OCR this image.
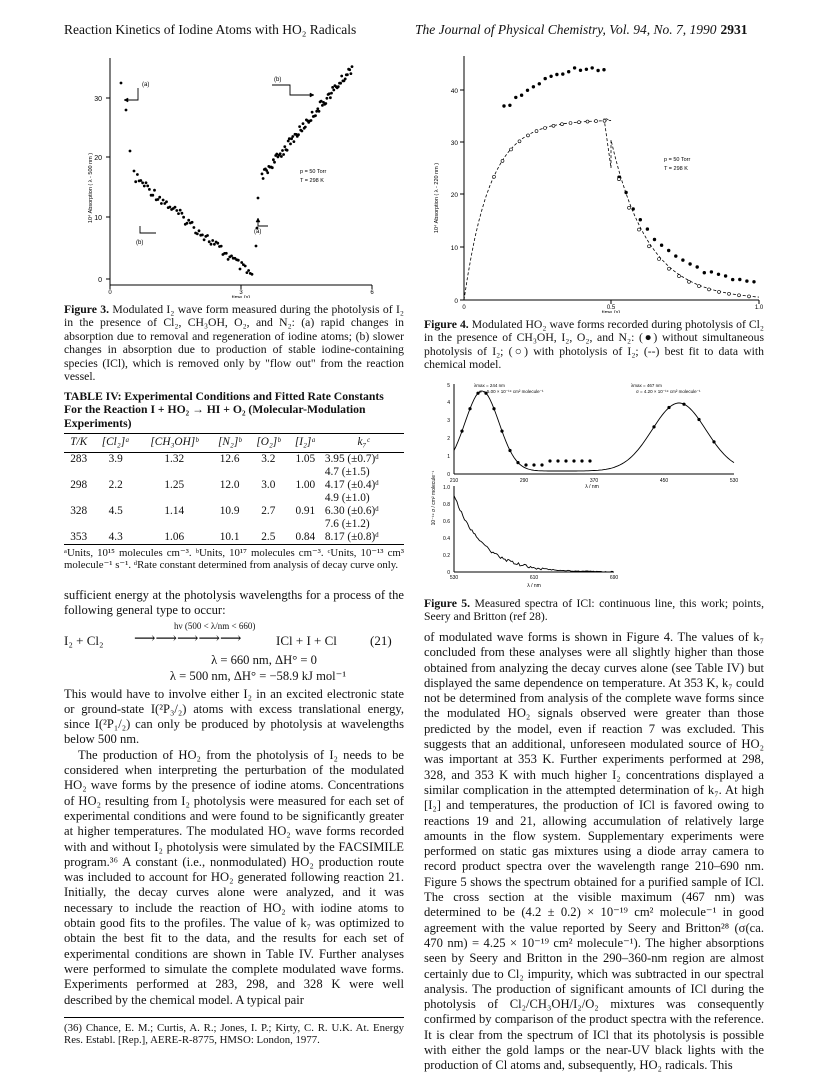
Reaction Kinetics of Iodine Atoms with HO₂ Radicals	The Journal of Physical Chemistry, Vol. 94, No. 7, 1990 2931
0
10
20
30
0	3	6
time (s)
10⁴ Absorption ( λ - 500 nm )
(a)
(b)
(b)
(a)
p = 50 Torr
T = 298 K
Figure 3. Modulated I₂ wave form measured during the photolysis of I₂ in the presence of Cl₂, CH₃OH, O₂, and N₂: (a) rapid changes in absorption due to removal and regeneration of iodine atoms; (b) slower changes in absorption due to production of stable iodine-containing species (ICl), which is removed only by "flow out" from the reaction vessel.
TABLE IV: Experimental Conditions and Fitted Rate Constants For the Reaction I + HO₂ → HI + O₂ (Molecular-Modulation Experiments)
T/K	[Cl₂]ᵃ	[CH₃OH]ᵇ	[N₂]ᵇ	[O₂]ᵇ	[I₂]ᵃ	k₇ᶜ
283	3.9	1.32	12.6	3.2	1.05	3.95 (±0.7)ᵈ
						4.7 (±1.5)
298	2.2	1.25	12.0	3.0	1.00	4.17 (±0.4)ᵈ
						4.9 (±1.0)
328	4.5	1.14	10.9	2.7	0.91	6.30 (±0.6)ᵈ
						7.6 (±1.2)
353	4.3	1.06	10.1	2.5	0.84	8.17 (±0.8)ᵈ
ᵃUnits, 10¹⁵ molecules cm⁻³. ᵇUnits, 10¹⁷ molecules cm⁻³. ᶜUnits, 10⁻¹³ cm³ molecule⁻¹ s⁻¹. ᵈRate constant determined from analysis of decay curve only.

sufficient energy at the photolysis wavelengths for a process of the following general type to occur:

hν (500 < λ/nm < 660)
I₂ + Cl₂ ⟶⟶⟶⟶⟶	ICl + I + Cl	(21)
λ = 660 nm, ΔH° = 0
λ = 500 nm, ΔH° = −58.9 kJ mol⁻¹

This would have to involve either I₂ in an excited electronic state or ground-state I(²P₃/₂) atoms with excess translational energy, since I(²P₁/₂) can only be produced by photolysis at wavelengths below 500 nm.

The production of HO₂ from the photolysis of I₂ needs to be considered when interpreting the perturbation of the modulated HO₂ wave forms by the presence of iodine atoms. Concentrations of HO₂ resulting from I₂ photolysis were measured for each set of experimental conditions and were found to be significantly greater at higher temperatures. The modulated HO₂ wave forms recorded with and without I₂ photolysis were simulated by the FACSIMILE program.³⁶ A constant (i.e., nonmodulated) HO₂ production route was included to account for HO₂ generated following reaction 21. Initially, the decay curves alone were analyzed, and it was necessary to include the reaction of HO₂ with iodine atoms to obtain good fits to the profiles. The value of k₇ was optimized to obtain the best fit to the data, and the results for each set of experimental conditions are shown in Table IV. Further analyses were performed to simulate the complete modulated wave forms. Experiments performed at 283, 298, and 328 K were well described by the chemical model. A typical pair

(36) Chance, E. M.; Curtis, A. R.; Jones, I. P.; Kirty, C. R. U.K. At. Energy Res. Establ. [Rep.], AERE-R-8775, HMSO: London, 1977.
0
10
20
30
40
0	0.5	1.0
time (s)
10⁴ Absorption ( λ - 220 nm )
p = 50 Torr
T = 298 K
Figure 4. Modulated HO₂ wave forms recorded during photolysis of Cl₂ in the presence of CH₃OH, I₂, O₂, and N₂: (●) without simultaneous photolysis of I₂; (○) with photolysis of I₂; (--) best fit to data with chemical model.
λ / nm
210	290	370	450	530
0
1
2
3
4
5	λmax = 244 nm
σ = 5.00 × 10⁻¹⁹ cm² molecule⁻¹
λmax = 467 nm
σ = 4.20 × 10⁻¹⁹ cm² molecule⁻¹
530	610	690
λ / nm
0
0.2
0.4
0.6
0.8
1.0
10⁻¹⁹ σ / cm² molecule⁻¹
Figure 5. Measured spectra of ICl: continuous line, this work; points, Seery and Britton (ref 28).

of modulated wave forms is shown in Figure 4. The values of k₇ concluded from these analyses were all slightly higher than those obtained from analyzing the decay curves alone (see Table IV) but displayed the same dependence on temperature. At 353 K, k₇ could not be determined from analysis of the complete wave forms since the modulated HO₂ signals observed were greater than those predicted by the model, even if reaction 7 was excluded. This suggests that an additional, unforeseen modulated source of HO₂ was important at 353 K. Further experiments performed at 298, 328, and 353 K with much higher I₂ concentrations displayed a similar complication in the attempted determination of k₇. At high [I₂] and temperatures, the production of ICl is favored owing to reactions 19 and 21, allowing accumulation of relatively large amounts in the flow system. Supplementary experiments were performed on static gas mixtures using a diode array camera to record product spectra over the wavelength range 210–690 nm. Figure 5 shows the spectrum obtained for a purified sample of ICl. The cross section at the visible maximum (467 nm) was determined to be (4.2 ± 0.2) × 10⁻¹⁹ cm² molecule⁻¹ in good agreement with the value reported by Seery and Britton²⁸ (σ(ca. 470 nm) = 4.25 × 10⁻¹⁹ cm² molecule⁻¹). The higher absorptions seen by Seery and Britton in the 290–360-nm region are almost certainly due to Cl₂ impurity, which was subtracted in our spectral analysis. The production of significant amounts of ICl during the photolysis of Cl₂/CH₃OH/I₂/O₂ mixtures was consequently confirmed by comparison of the product spectra with the reference. It is clear from the spectrum of ICl that its photolysis is possible with either the gold lamps or the near-UV black lights with the production of Cl atoms and, subsequently, HO₂ radicals. This
